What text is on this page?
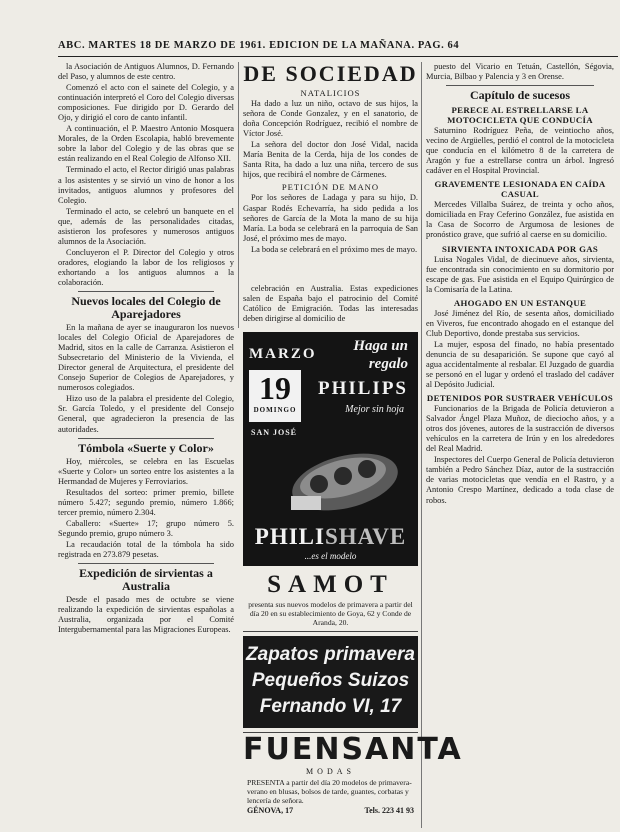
ABC. MARTES 18 DE MARZO DE 1961. EDICION DE LA MAÑANA. PAG. 64

la Asociación de Antiguos Alumnos, D. Fernando del Paso, y alumnos de este centro.

Comenzó el acto con el sainete del Colegio, y a continuación interpretó el Coro del Colegio diversas composiciones. Fue dirigido por D. Gerardo del Ojo, y dirigió el coro de canto infantil.

A continuación, el P. Maestro Antonio Mosquera Morales, de la Orden Escolapia, habló brevemente sobre la labor del Colegio y de las obras que se están realizando en el Real Colegio de Alfonso XII.

Terminado el acto, el Rector dirigió unas palabras a los asistentes y se sirvió un vino de honor a los invitados, antiguos alumnos y profesores del Colegio.

Terminado el acto, se celebró un banquete en el que, además de las personalidades citadas, asistieron los profesores y numerosos antiguos alumnos de la Asociación.

Concluyeron el P. Director del Colegio y otros oradores, elogiando la labor de los religiosos y exhortando a los antiguos alumnos a la colaboración.

Nuevos locales del Colegio de Aparejadores

En la mañana de ayer se inauguraron los nuevos locales del Colegio Oficial de Aparejadores de Madrid, sitos en la calle de Carranza. Asistieron el Subsecretario del Ministerio de la Vivienda, el Director general de Arquitectura, el presidente del Consejo Superior de Colegios de Aparejadores, y numerosos colegiados.

Hizo uso de la palabra el presidente del Colegio, Sr. García Toledo, y el presidente del Consejo General, que agradecieron la presencia de las autoridades.

Tómbola «Suerte y Color»

Hoy, miércoles, se celebra en las Escuelas «Suerte y Color» un sorteo entre los asistentes a la Hermandad de Mujeres y Ferroviarios.

Resultados del sorteo: primer premio, billete número 5.427; segundo premio, número 1.866; tercer premio, número 2.304.

Caballero: «Suerte» 17; grupo número 5. Segundo premio, grupo número 3.

La recaudación total de la tómbola ha sido registrada en 273.879 pesetas.

Expedición de sirvientas a Australia

Desde el pasado mes de octubre se viene realizando la expedición de sirvientas españolas a Australia, organizada por el Comité Intergubernamental para las Migraciones Europeas.

DE SOCIEDAD
NATALICIOS

Ha dado a luz un niño, octavo de sus hijos, la señora de Conde Gonzalez, y en el sanatorio, de doña Concepción Rodríguez, recibió el nombre de Víctor José.

La señora del doctor don José Vidal, nacida María Benita de la Cerda, hija de los condes de Santa Rita, ha dado a luz una niña, tercero de sus hijos, que recibirá el nombre de Cármenes.

PETICIÓN DE MANO

Por los señores de Ladaga y para su hijo, D. Gaspar Rodés Echevarría, ha sido pedida a los señores de García de la Mota la mano de su hija María. La boda se celebrará en la parroquia de San José, el próximo mes de mayo.

La boda se celebrará en el próximo mes de mayo.

celebración en Australia. Estas expediciones salen de España bajo el patrocinio del Comité Católico de Emigración. Todas las interesadas deben dirigirse al domicilio de

MARZO
19
DOMINGO
SAN JOSÉ
Haga un
regalo
PHILIPS
Mejor sin hoja
PHILISHAVE
...es el modelo
SAMOT
presenta sus nuevos modelos de primavera a partir del día 20 en su establecimiento de Goya, 62 y Conde de Aranda, 20.
Zapatos primavera
Pequeños Suizos
Fernando VI, 17
FUENSANTA
MODAS
PRESENTA a partir del día 20 modelos de primavera-verano en blusas, bolsos de tarde, guantes, corbatas y lencería de señora.
GÉNOVA, 17	Tels. 223 41 93

puesto del Vicario en Tetuán, Castellón, Ségovia, Murcia, Bilbao y Palencia y 3 en Orense.

Capítulo de sucesos
PERECE AL ESTRELLARSE LA MOTOCICLETA QUE CONDUCÍA

Saturnino Rodríguez Peña, de veintiocho años, vecino de Argüelles, perdió el control de la motocicleta que conducía en el kilómetro 8 de la carretera de Aragón y fue a estrellarse contra un árbol. Ingresó cadáver en el Hospital Provincial.

GRAVEMENTE LESIONADA EN CAÍDA CASUAL

Mercedes Villalba Suárez, de treinta y ocho años, domiciliada en Fray Ceferino González, fue asistida en la Casa de Socorro de Argumosa de lesiones de pronóstico grave, que sufrió al caerse en su domicilio.

SIRVIENTA INTOXICADA POR GAS

Luisa Nogales Vidal, de diecinueve años, sirvienta, fue encontrada sin conocimiento en su dormitorio por escape de gas. Fue asistida en el Equipo Quirúrgico de la Comisaría de la Latina.

AHOGADO EN UN ESTANQUE

José Jiménez del Río, de sesenta años, domiciliado en Viveros, fue encontrado ahogado en el estanque del Club Deportivo, donde prestaba sus servicios.

La mujer, esposa del finado, no había presentado denuncia de su desaparición. Se supone que cayó al agua accidentalmente al resbalar. El Juzgado de guardia se personó en el lugar y ordenó el traslado del cadáver al Depósito Judicial.

DETENIDOS POR SUSTRAER VEHÍCULOS

Funcionarios de la Brigada de Policía detuvieron a Salvador Ángel Plaza Muñoz, de dieciocho años, y a otros dos jóvenes, autores de la sustracción de diversos vehículos en la carretera de Irún y en los alrededores del Real Madrid.

Inspectores del Cuerpo General de Policía detuvieron también a Pedro Sánchez Díaz, autor de la sustracción de varias motocicletas que vendía en el Rastro, y a Antonio Crespo Martínez, dedicado a toda clase de robos.
